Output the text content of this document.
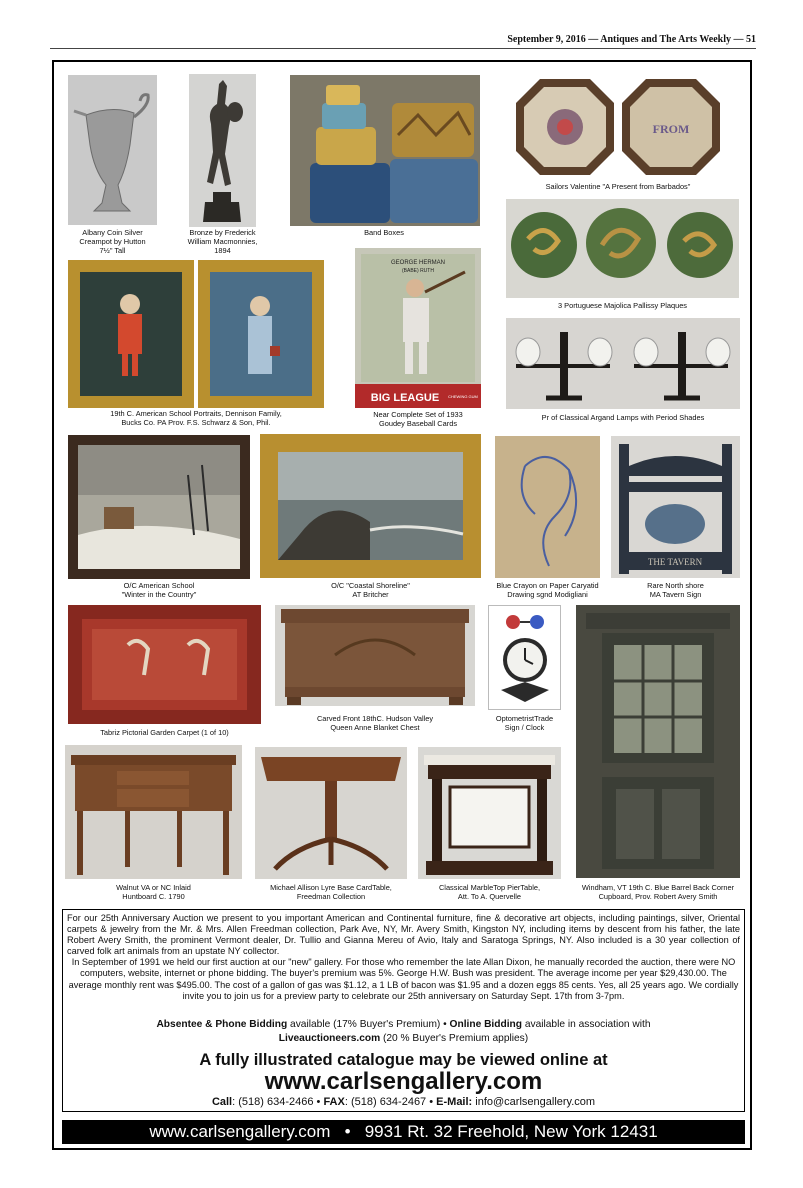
September 9, 2016 — Antiques and The Arts Weekly — 51
Albany Coin Silver
Creampot by Hutton
7½" Tall
Bronze by Frederick
William Macmonnies,
1894
Band Boxes
FROM
Sailors Valentine "A Present from Barbados"
3 Portuguese Majolica Pallissy Plaques
19th C. American School Portraits, Dennison Family,
Bucks Co. PA Prov. F.S. Schwarz & Son, Phil.
GEORGE HERMAN
(BABE) RUTH
BIG LEAGUE CHEWING GUM
Near Complete Set of 1933
Goudey Baseball Cards
Pr of Classical Argand Lamps with Period Shades
O/C American School
"Winter in the Country"
O/C "Coastal Shoreline"
AT Britcher
Blue Crayon on Paper Caryatid
Drawing sgnd Modigliani
THE TAVERN
Rare North shore
MA Tavern Sign
Tabriz Pictorial Garden Carpet (1 of 10)
Carved Front 18thC. Hudson Valley
Queen Anne Blanket Chest
OptometristTrade
Sign / Clock
Walnut VA or NC Inlaid
Huntboard C. 1790
Michael Allison Lyre Base CardTable,
Freedman Collection
Classical MarbleTop PierTable,
Att. To A. Quervelle
Windham, VT 19th C. Blue Barrel Back Corner
Cupboard, Prov. Robert Avery Smith

For our 25th Anniversary Auction we present to you important American and Continental furniture, fine & decorative art objects, including paintings, silver, Oriental carpets & jewelry from the Mr. & Mrs. Allen Freedman collection, Park Ave, NY, Mr. Avery Smith, Kingston NY, including items by descent from his father, the late Robert Avery Smith, the prominent Vermont dealer, Dr. Tullio and Gianna Mereu of Avio, Italy and Saratoga Springs, NY. Also included is a 30 year collection of carved folk art animals from an upstate NY collector.

In September of 1991 we held our first auction at our "new" gallery. For those who remember the late Allan Dixon, he manually recorded the auction, there were NO computers, website, internet or phone bidding. The buyer's premium was 5%. George H.W. Bush was president. The average income per year $29,430.00. The average monthly rent was $495.00. The cost of a gallon of gas was $1.12, a 1 LB of bacon was $1.95 and a dozen eggs 85 cents. Yes, all 25 years ago. We cordially invite you to join us for a preview party to celebrate our 25th anniversary on Saturday Sept. 17th from 3-7pm.

Absentee & Phone Bidding available (17% Buyer's Premium) • Online Bidding available in association with
Liveauctioneers.com (20 % Buyer's Premium applies)
A fully illustrated catalogue may be viewed online at
www.carlsengallery.com
Call: (518) 634-2466 • FAX: (518) 634-2467 • E-Mail: info@carlsengallery.com
www.carlsengallery.com   •   9931 Rt. 32 Freehold, New York 12431
